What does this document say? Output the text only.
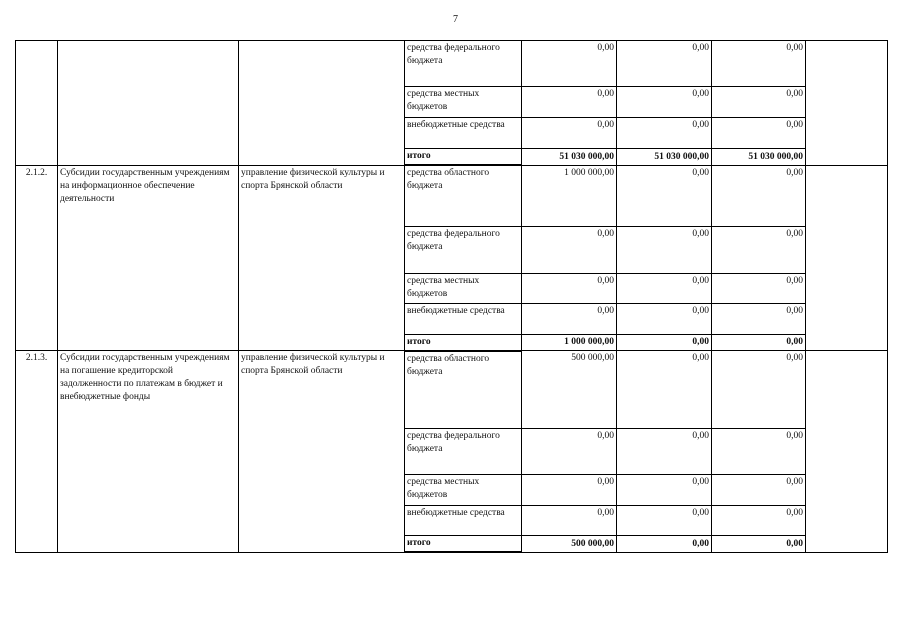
7
			средства федерального бюджета	0,00	0,00	0,00	
			средства местных бюджетов	0,00	0,00	0,00	
			внебюджетные средства	0,00	0,00	0,00	
			итого	51 030 000,00	51 030 000,00	51 030 000,00	
2.1.2.	Субсидии государственным учреждениям на информационное обеспечение деятельности	управление физической культуры и спорта Брянской области	средства областного бюджета	1 000 000,00	0,00	0,00	
			средства федерального бюджета	0,00	0,00	0,00	
			средства местных бюджетов	0,00	0,00	0,00	
			внебюджетные средства	0,00	0,00	0,00	
			итого	1 000 000,00	0,00	0,00	
2.1.3.	Субсидии государственным учреждениям на погашение кредиторской задолженности по платежам в бюджет и внебюджетные фонды	управление физической культуры и спорта Брянской области	средства областного бюджета	500 000,00	0,00	0,00	
			средства федерального бюджета	0,00	0,00	0,00	
			средства местных бюджетов	0,00	0,00	0,00	
			внебюджетные средства	0,00	0,00	0,00	
			итого	500 000,00	0,00	0,00	
